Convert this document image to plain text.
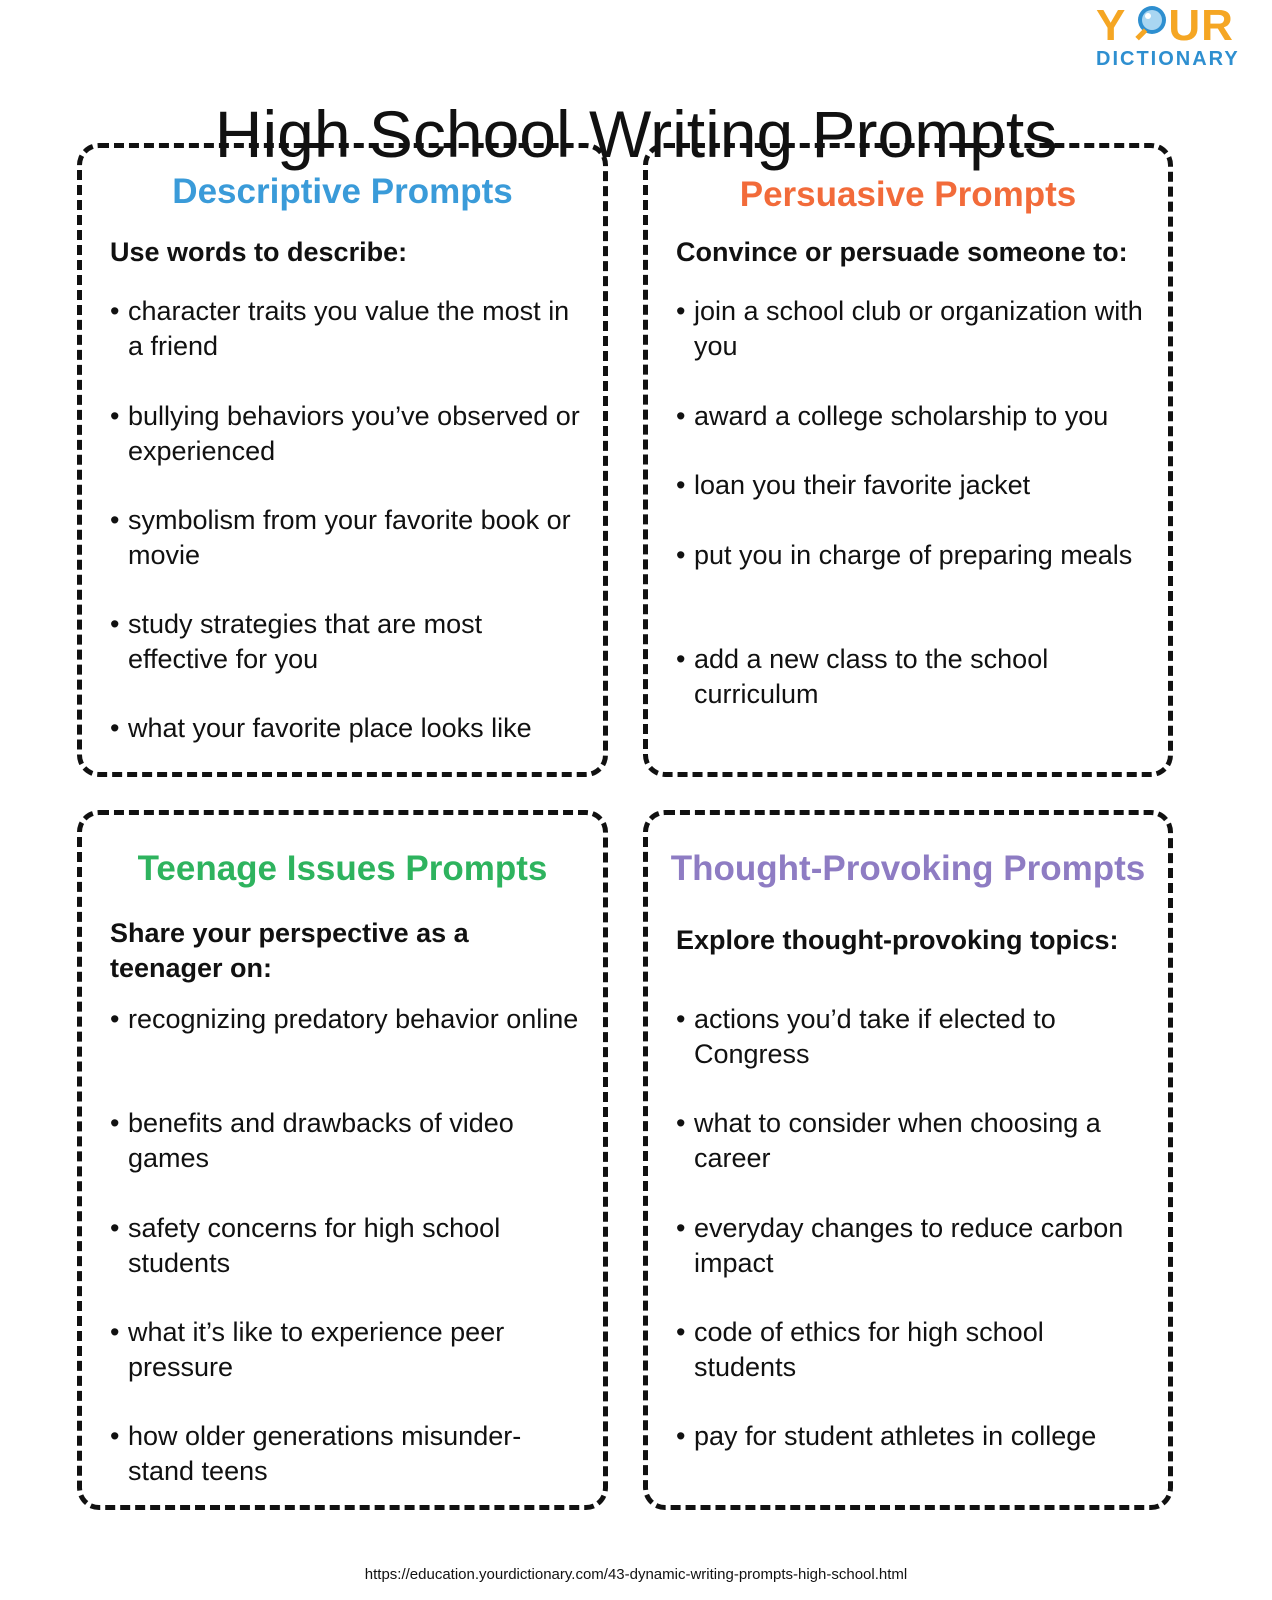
Y UR
DICTIONARY
High School Writing Prompts
Descriptive Prompts
Use words to describe:
• character traits you value the most in a friend
• bullying behaviors you’ve observed or experienced
• symbolism from your favorite book or movie
• study strategies that are most effective for you
• what your favorite place looks like
Persuasive Prompts
Convince or persuade someone to:
• join a school club or organization with you
• award a college scholarship to you
• loan you their favorite jacket
• put you in charge of preparing meals
• add a new class to the school curriculum
Teenage Issues Prompts
Share your perspective as a teenager on:
• recognizing predatory behavior online
• benefits and drawbacks of video games
• safety concerns for high school students
• what it’s like to experience peer pressure
• how older generations misunder-stand teens
Thought-Provoking Prompts
Explore thought-provoking topics:
• actions you’d take if elected to Congress
• what to consider when choosing a career
• everyday changes to reduce carbon impact
• code of ethics for high school students
• pay for student athletes in college
https://education.yourdictionary.com/43-dynamic-writing-prompts-high-school.html
